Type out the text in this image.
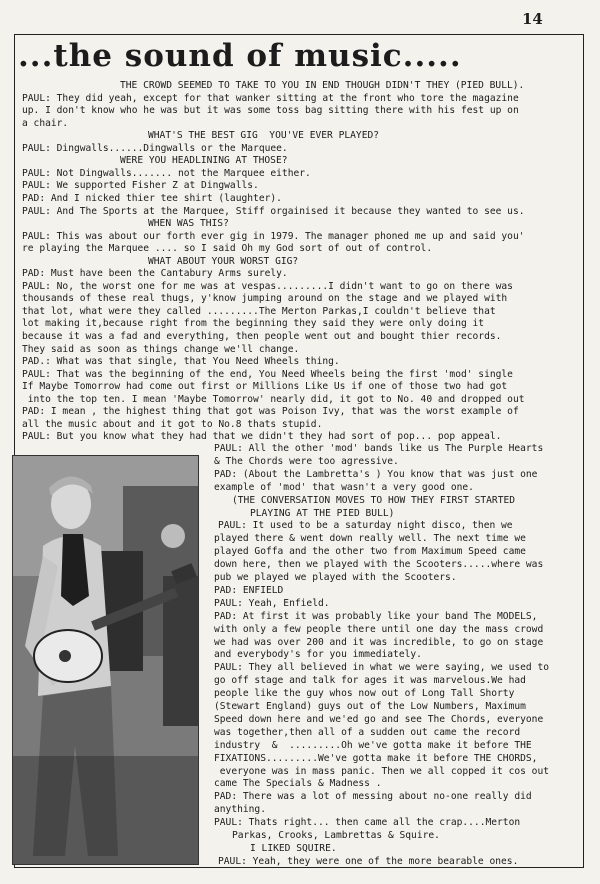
14
...the sound of music.....
THE CROWD SEEMED TO TAKE TO YOU IN END THOUGH DIDN'T THEY (PIED BULL).
PAUL: They did yeah, except for that wanker sitting at the front who tore the magazine
up. I don't know who he was but it was some toss bag sitting there with his fest up on
a chair.
WHAT'S THE BEST GIG  YOU'VE EVER PLAYED?
PAUL: Dingwalls......Dingwalls or the Marquee.
WERE YOU HEADLINING AT THOSE?
PAUL: Not Dingwalls....... not the Marquee either.
PAUL: We supported Fisher Z at Dingwalls.
PAD: And I nicked thier tee shirt (laughter).
PAUL: And The Sports at the Marquee, Stiff orgainised it because they wanted to see us.
WHEN WAS THIS?
PAUL: This was about our forth ever gig in 1979. The manager phoned me up and said you'
re playing the Marquee .... so I said Oh my God sort of out of control.
WHAT ABOUT YOUR WORST GIG?
PAD: Must have been the Cantabury Arms surely.
PAUL: No, the worst one for me was at vespas.........I didn't want to go on there was
thousands of these real thugs, y'know jumping around on the stage and we played with
that lot, what were they called .........The Merton Parkas,I couldn't believe that
lot making it,because right from the beginning they said they were only doing it
because it was a fad and everything, then people went out and bought thier records.
They said as soon as things change we'll change.
PAD.: What was that single, that You Need Wheels thing.
PAUL: That was the beginning of the end, You Need Wheels being the first 'mod' single
If Maybe Tomorrow had come out first or Millions Like Us if one of those two had got
into the top ten. I mean 'Maybe Tomorrow' nearly did, it got to No. 40 and dropped out
PAD: I mean , the highest thing that got was Poison Ivy, that was the worst example of
all the music about and it got to No.8 thats stupid.
PAUL: But you know what they had that we didn't they had sort of pop... pop appeal.
PAUL: All the other 'mod' bands like us The Purple Hearts
& The Chords were too agressive.
PAD: (About the Lambretta's ) You know that was just one
example of 'mod' that wasn't a very good one.
(THE CONVERSATION MOVES TO HOW THEY FIRST STARTED
PLAYING AT THE PIED BULL)
PAUL: It used to be a saturday night disco, then we
played there & went down really well. The next time we
played Goffa and the other two from Maximum Speed came
down here, then we played with the Scooters.....where was
pub we played we played with the Scooters.
PAD: ENFIELD
PAUL: Yeah, Enfield.
PAD: At first it was probably like your band The MODELS,
with only a few people there until one day the mass crowd
we had was over 200 and it was incredible, to go on stage
and everybody's for you immediately.
PAUL: They all believed in what we were saying, we used to
go off stage and talk for ages it was marvelous.We had
people like the guy whos now out of Long Tall Shorty
(Stewart England) guys out of the Low Numbers, Maximum
Speed down here and we'ed go and see The Chords, everyone
was together,then all of a sudden out came the record
industry  &  .........Oh we've gotta make it before THE
FIXATIONS.........We've gotta make it before THE CHORDS,
everyone was in mass panic. Then we all copped it cos out
came The Specials & Madness .
PAD: There was a lot of messing about no-one really did
anything.
PAUL: Thats right... then came all the crap....Merton
Parkas, Crooks, Lambrettas & Squire.
I LIKED SQUIRE.
PAUL: Yeah, they were one of the more bearable ones.
